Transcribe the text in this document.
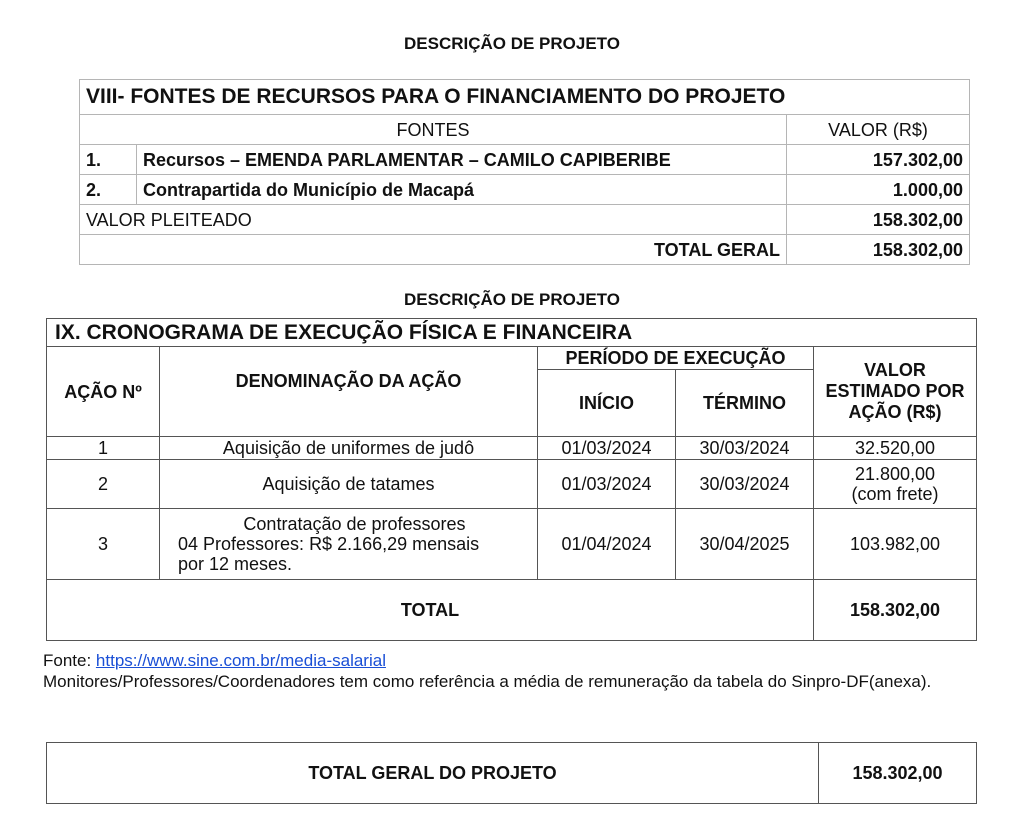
DESCRIÇÃO DE PROJETO
VIII- FONTES DE RECURSOS PARA O FINANCIAMENTO DO PROJETO		
FONTES		VALOR (R$)
1.	Recursos – EMENDA PARLAMENTAR – CAMILO CAPIBERIBE	157.302,00
2.	Contrapartida do Município de Macapá	1.000,00
VALOR PLEITEADO		158.302,00
TOTAL GERAL		158.302,00
DESCRIÇÃO DE PROJETO
IX. CRONOGRAMA DE EXECUÇÃO FÍSICA E FINANCEIRA				
AÇÃO Nº	DENOMINAÇÃO DA AÇÃO	PERÍODO DE EXECUÇÃO		VALOR ESTIMADO POR AÇÃO (R$)
		INÍCIO	TÉRMINO	
1	Aquisição de uniformes de judô	01/03/2024	30/03/2024	32.520,00
2	Aquisição de tatames	01/03/2024	30/03/2024	21.800,00
(com frete)

3	Contratação de professores
04 Professores: R$ 2.166,29 mensais
por 12 meses.	01/04/2024	30/04/2025	103.982,00
TOTAL				158.302,00
Fonte: https://www.sine.com.br/media-salarial
Monitores/Professores/Coordenadores tem como referência a média de remuneração da tabela do Sinpro-DF(anexa).
TOTAL GERAL DO PROJETO	158.302,00
